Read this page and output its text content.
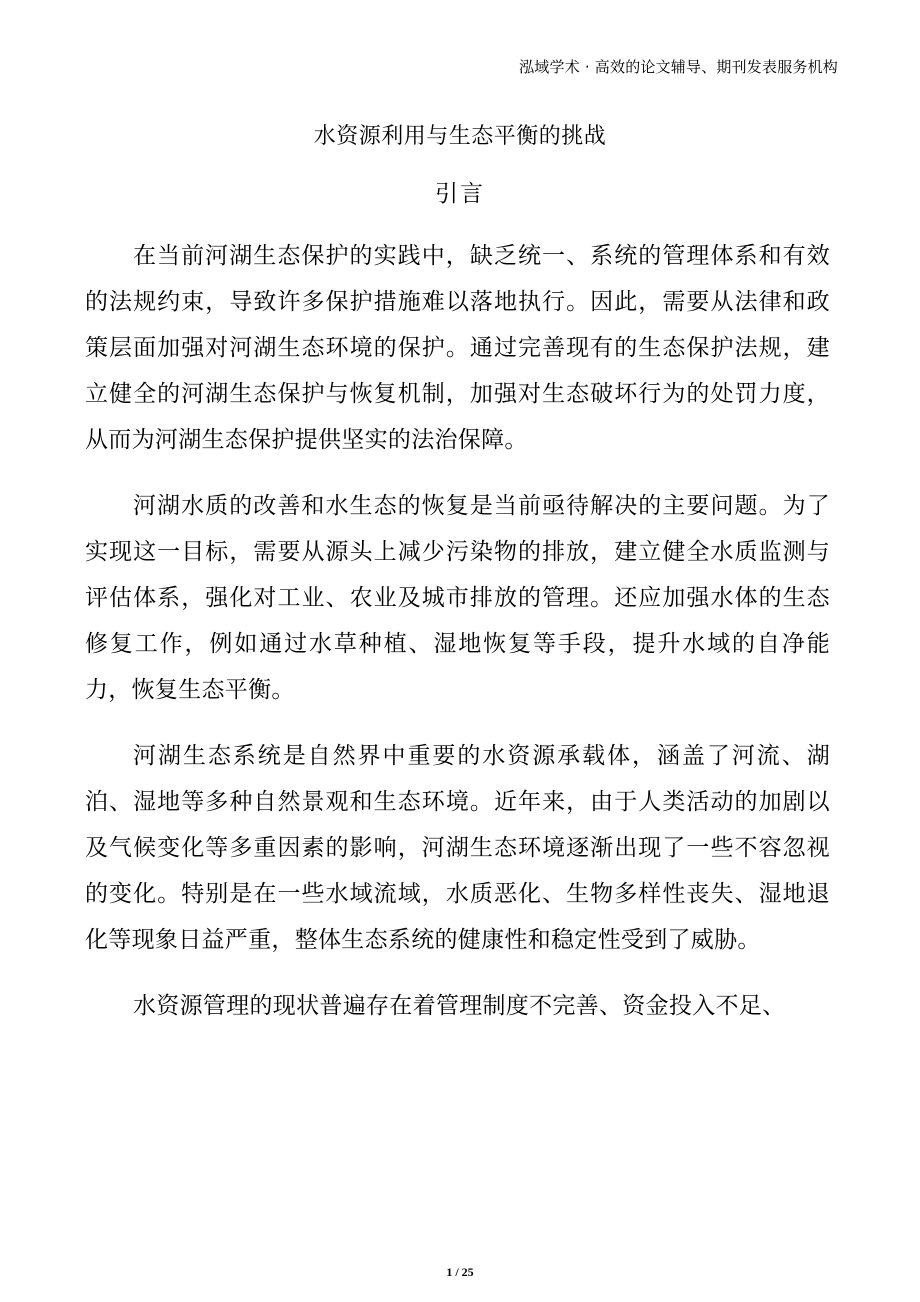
泓域学术 · 高效的论文辅导、期刊发表服务机构
水资源利用与生态平衡的挑战
引言

在当前河湖生态保护的实践中，缺乏统一、系统的管理体系和有效的法规约束，导致许多保护措施难以落地执行。因此，需要从法律和政策层面加强对河湖生态环境的保护。通过完善现有的生态保护法规，建立健全的河湖生态保护与恢复机制，加强对生态破坏行为的处罚力度，从而为河湖生态保护提供坚实的法治保障。

河湖水质的改善和水生态的恢复是当前亟待解决的主要问题。为了实现这一目标，需要从源头上减少污染物的排放，建立健全水质监测与评估体系，强化对工业、农业及城市排放的管理。还应加强水体的生态修复工作，例如通过水草种植、湿地恢复等手段，提升水域的自净能力，恢复生态平衡。

河湖生态系统是自然界中重要的水资源承载体，涵盖了河流、湖泊、湿地等多种自然景观和生态环境。近年来，由于人类活动的加剧以及气候变化等多重因素的影响，河湖生态环境逐渐出现了一些不容忽视的变化。特别是在一些水域流域，水质恶化、生物多样性丧失、湿地退化等现象日益严重，整体生态系统的健康性和稳定性受到了威胁。

水资源管理的现状普遍存在着管理制度不完善、资金投入不足、

1 / 25
